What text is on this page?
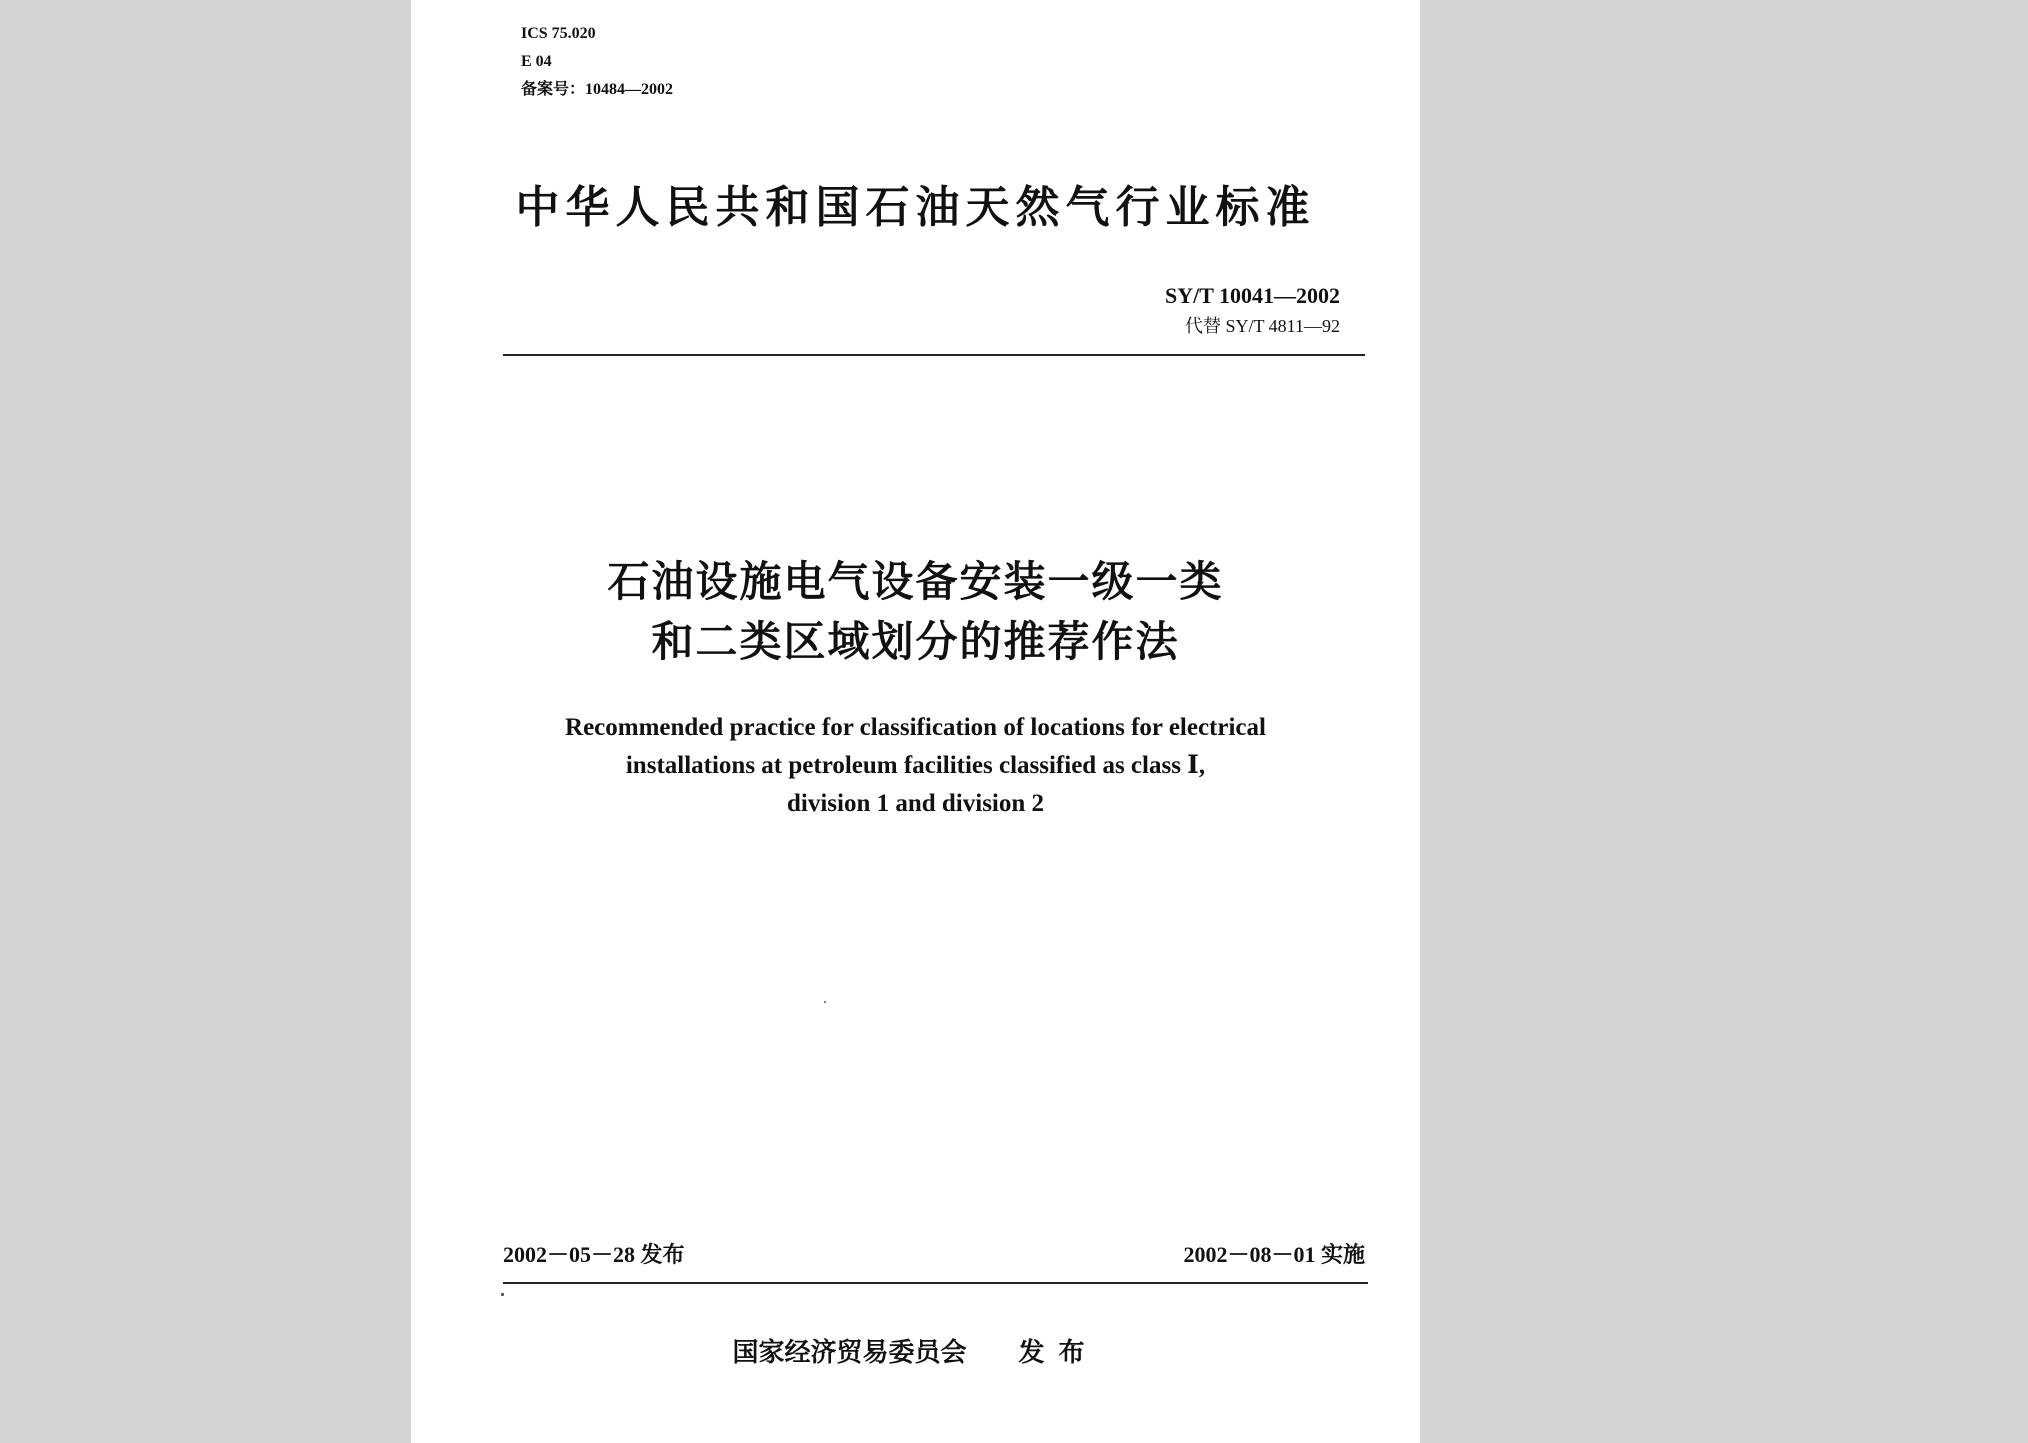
ICS 75.020
E 04
备案号：10484—2002
中华人民共和国石油天然气行业标准
SY/T 10041—2002
代替 SY/T 4811—92
石油设施电气设备安装一级一类
和二类区域划分的推荐作法
Recommended practice for classification of locations for electrical
installations at petroleum facilities classified as class Ⅰ,
division 1 and division 2
2002－05－28 发布	2002－08－01 实施
国家经济贸易委员会 发布
